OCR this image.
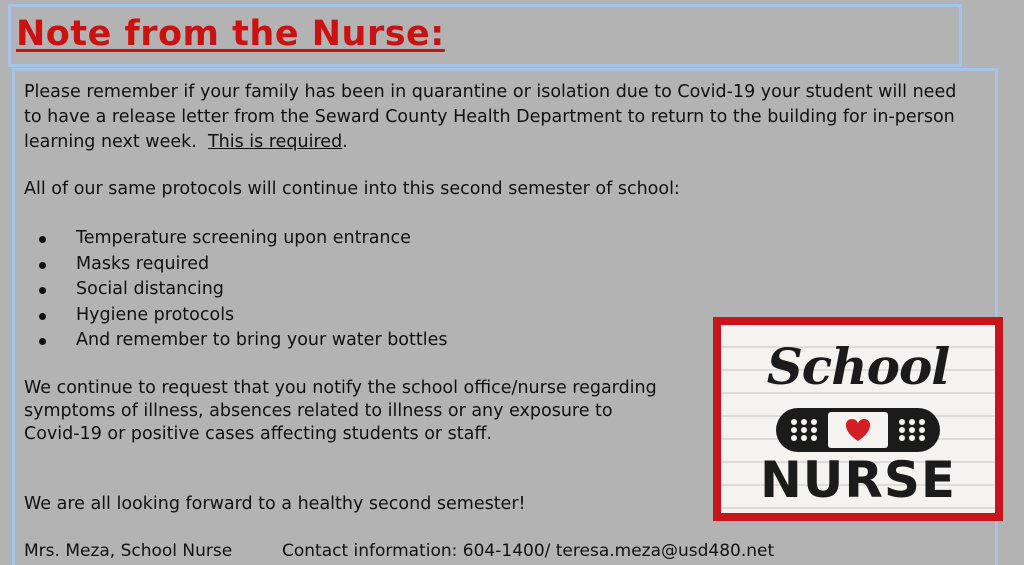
Note from the Nurse:

Please remember if your family has been in quarantine or isolation due to Covid-19 your student will need to have a release letter from the Seward County Health Department to return to the building for in-person learning next week. This is required.

All of our same protocols will continue into this second semester of school:

Temperature screening upon entrance
Masks required
Social distancing
Hygiene protocols
And remember to bring your water bottles

We continue to request that you notify the school office/nurse regarding symptoms of illness, absences related to illness or any exposure to Covid-19 or positive cases affecting students or staff.

We are all looking forward to a healthy second semester!

Mrs. Meza, School Nurse	Contact information: 604-1400/ teresa.meza@usd480.net
School
NURSE
